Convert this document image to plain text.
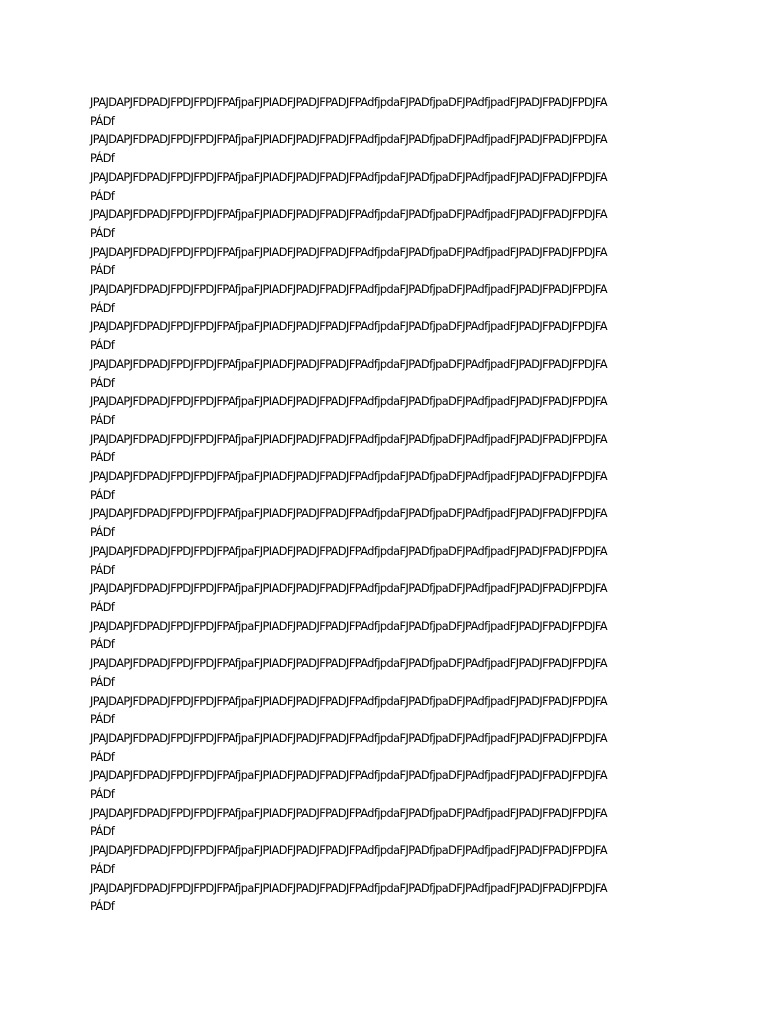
JPAJDAPJFDPADJFPDJFPDJFPAfjpaFJPIADFJPADJFPADJFPAdfjpdaFJPADfjpaDFJPAdfjpadFJPADJFPADJFPDJFA
PÁDf

JPAJDAPJFDPADJFPDJFPDJFPAfjpaFJPIADFJPADJFPADJFPAdfjpdaFJPADfjpaDFJPAdfjpadFJPADJFPADJFPDJFA
PÁDf

JPAJDAPJFDPADJFPDJFPDJFPAfjpaFJPIADFJPADJFPADJFPAdfjpdaFJPADfjpaDFJPAdfjpadFJPADJFPADJFPDJFA
PÁDf

JPAJDAPJFDPADJFPDJFPDJFPAfjpaFJPIADFJPADJFPADJFPAdfjpdaFJPADfjpaDFJPAdfjpadFJPADJFPADJFPDJFA
PÁDf

JPAJDAPJFDPADJFPDJFPDJFPAfjpaFJPIADFJPADJFPADJFPAdfjpdaFJPADfjpaDFJPAdfjpadFJPADJFPADJFPDJFA
PÁDf

JPAJDAPJFDPADJFPDJFPDJFPAfjpaFJPIADFJPADJFPADJFPAdfjpdaFJPADfjpaDFJPAdfjpadFJPADJFPADJFPDJFA
PÁDf

JPAJDAPJFDPADJFPDJFPDJFPAfjpaFJPIADFJPADJFPADJFPAdfjpdaFJPADfjpaDFJPAdfjpadFJPADJFPADJFPDJFA
PÁDf

JPAJDAPJFDPADJFPDJFPDJFPAfjpaFJPIADFJPADJFPADJFPAdfjpdaFJPADfjpaDFJPAdfjpadFJPADJFPADJFPDJFA
PÁDf

JPAJDAPJFDPADJFPDJFPDJFPAfjpaFJPIADFJPADJFPADJFPAdfjpdaFJPADfjpaDFJPAdfjpadFJPADJFPADJFPDJFA
PÁDf

JPAJDAPJFDPADJFPDJFPDJFPAfjpaFJPIADFJPADJFPADJFPAdfjpdaFJPADfjpaDFJPAdfjpadFJPADJFPADJFPDJFA
PÁDf

JPAJDAPJFDPADJFPDJFPDJFPAfjpaFJPIADFJPADJFPADJFPAdfjpdaFJPADfjpaDFJPAdfjpadFJPADJFPADJFPDJFA
PÁDf

JPAJDAPJFDPADJFPDJFPDJFPAfjpaFJPIADFJPADJFPADJFPAdfjpdaFJPADfjpaDFJPAdfjpadFJPADJFPADJFPDJFA
PÁDf

JPAJDAPJFDPADJFPDJFPDJFPAfjpaFJPIADFJPADJFPADJFPAdfjpdaFJPADfjpaDFJPAdfjpadFJPADJFPADJFPDJFA
PÁDf

JPAJDAPJFDPADJFPDJFPDJFPAfjpaFJPIADFJPADJFPADJFPAdfjpdaFJPADfjpaDFJPAdfjpadFJPADJFPADJFPDJFA
PÁDf

JPAJDAPJFDPADJFPDJFPDJFPAfjpaFJPIADFJPADJFPADJFPAdfjpdaFJPADfjpaDFJPAdfjpadFJPADJFPADJFPDJFA
PÁDf

JPAJDAPJFDPADJFPDJFPDJFPAfjpaFJPIADFJPADJFPADJFPAdfjpdaFJPADfjpaDFJPAdfjpadFJPADJFPADJFPDJFA
PÁDf

JPAJDAPJFDPADJFPDJFPDJFPAfjpaFJPIADFJPADJFPADJFPAdfjpdaFJPADfjpaDFJPAdfjpadFJPADJFPADJFPDJFA
PÁDf

JPAJDAPJFDPADJFPDJFPDJFPAfjpaFJPIADFJPADJFPADJFPAdfjpdaFJPADfjpaDFJPAdfjpadFJPADJFPADJFPDJFA
PÁDf

JPAJDAPJFDPADJFPDJFPDJFPAfjpaFJPIADFJPADJFPADJFPAdfjpdaFJPADfjpaDFJPAdfjpadFJPADJFPADJFPDJFA
PÁDf

JPAJDAPJFDPADJFPDJFPDJFPAfjpaFJPIADFJPADJFPADJFPAdfjpdaFJPADfjpaDFJPAdfjpadFJPADJFPADJFPDJFA
PÁDf

JPAJDAPJFDPADJFPDJFPDJFPAfjpaFJPIADFJPADJFPADJFPAdfjpdaFJPADfjpaDFJPAdfjpadFJPADJFPADJFPDJFA
PÁDf

JPAJDAPJFDPADJFPDJFPDJFPAfjpaFJPIADFJPADJFPADJFPAdfjpdaFJPADfjpaDFJPAdfjpadFJPADJFPADJFPDJFA
PÁDf
